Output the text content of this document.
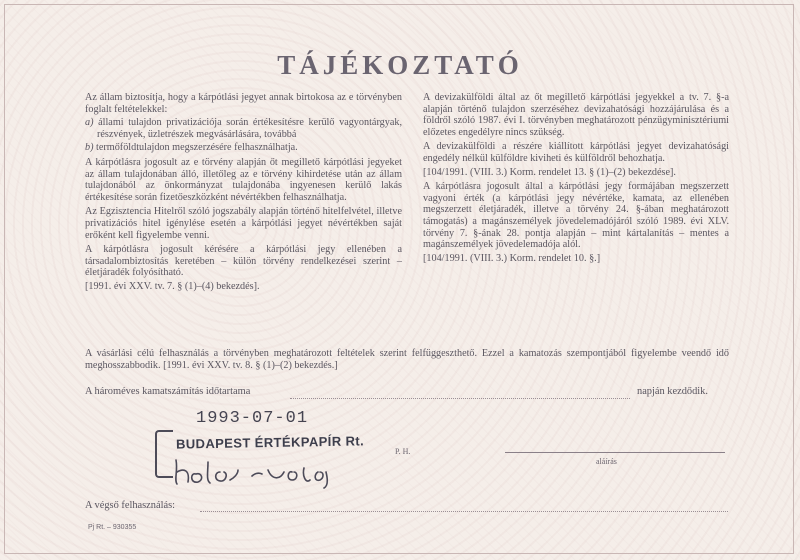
TÁJÉKOZTATÓ

Az állam biztosítja, hogy a kárpótlási jegyet annak birtokosa az e törvényben foglalt feltételekkel:

a) állami tulajdon privatizációja során értékesítésre kerülő vagyontárgyak, részvények, üzletrészek megvásárlására, továbbá

b) termőföldtulajdon megszerzésére felhasználhatja.

A kárpótlásra jogosult az e törvény alapján őt megillető kárpótlási jegyeket az állam tulajdonában álló, illetőleg az e törvény kihirdetése után az állam tulajdonából az önkormányzat tulajdonába ingyenesen kerülő lakás értékesítése során fizetőeszközként névértékben felhasználhatja.

Az Egzisztencia Hitelről szóló jogszabály alapján történő hitelfelvétel, illetve privatizációs hitel igénylése esetén a kárpótlási jegyet névértékben saját erőként kell figyelembe venni.

A kárpótlásra jogosult kérésére a kárpótlási jegy ellenében a társadalombiztosítás keretében – külön törvény rendelkezései szerint – életjáradék folyósítható.

[1991. évi XXV. tv. 7. § (1)–(4) bekezdés].

A devizakülföldi által az őt megillető kárpótlási jegyekkel a tv. 7. §-a alapján történő tulajdon szerzéséhez devizahatósági hozzájárulása és a földről szóló 1987. évi I. törvényben meghatározott pénzügyminisztériumi előzetes engedélyre nincs szükség.

A devizakülföldi a részére kiállított kárpótlási jegyet devizahatósági engedély nélkül külföldre kiviheti és külföldről behozhatja.

[104/1991. (VIII. 3.) Korm. rendelet 13. § (1)–(2) bekezdése].

A kárpótlásra jogosult által a kárpótlási jegy formájában megszerzett vagyoni érték (a kárpótlási jegy névértéke, kamata, az ellenében megszerzett életjáradék, illetve a törvény 24. §-ában meghatározott támogatás) a magánszemélyek jövedelemadójáról szóló 1989. évi XLV. törvény 7. §-ának 28. pontja alapján – mint kártalanítás – mentes a magánszemélyek jövedelemadója alól.

[104/1991. (VIII. 3.) Korm. rendelet 10. §.]

A vásárlási célú felhasználás a törvényben meghatározott feltételek szerint felfüggeszthető. Ezzel a kamatozás szempontjából figyelembe veendő idő meghosszabbodik. [1991. évi XXV. tv. 8. § (1)–(2) bekezdés.]

A hároméves kamatszámítás időtartama	napján kezdődik.
1993-07-01
BUDAPEST ÉRTÉKPAPÍR Rt.	P. H.
aláírás
A végső felhasználás:
Pj Rt. – 930355
